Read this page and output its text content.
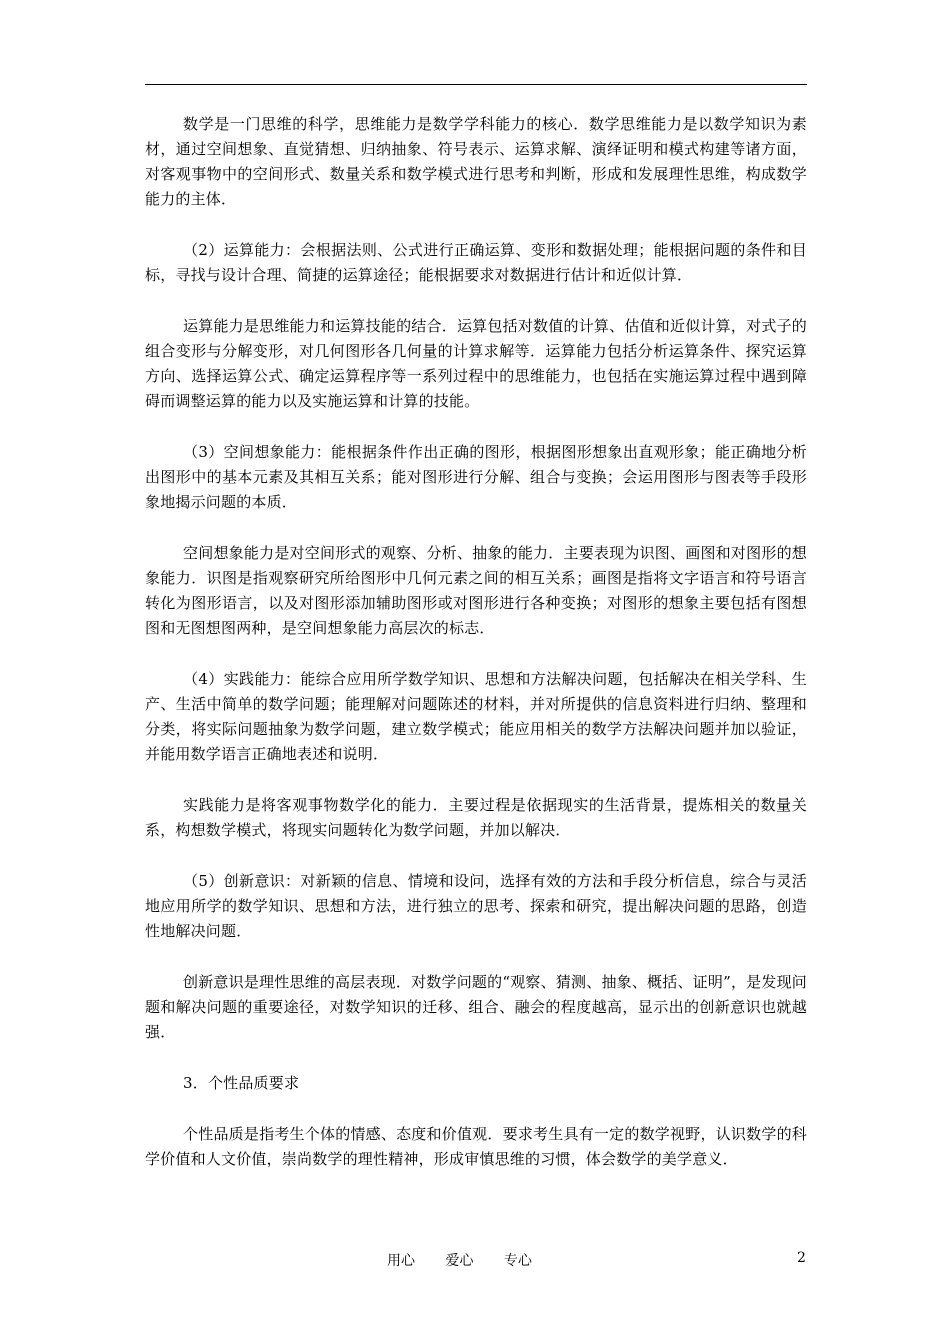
数学是一门思维的科学，思维能力是数学学科能力的核心．数学思维能力是以数学知识为素材，通过空间想象、直觉猜想、归纳抽象、符号表示、运算求解、演绎证明和模式构建等诸方面，对客观事物中的空间形式、数量关系和数学模式进行思考和判断，形成和发展理性思维，构成数学能力的主体．

（2）运算能力：会根据法则、公式进行正确运算、变形和数据处理；能根据问题的条件和目标，寻找与设计合理、简捷的运算途径；能根据要求对数据进行估计和近似计算．

运算能力是思维能力和运算技能的结合．运算包括对数值的计算、估值和近似计算，对式子的组合变形与分解变形，对几何图形各几何量的计算求解等．运算能力包括分析运算条件、探究运算方向、选择运算公式、确定运算程序等一系列过程中的思维能力，也包括在实施运算过程中遇到障碍而调整运算的能力以及实施运算和计算的技能。

（3）空间想象能力：能根据条件作出正确的图形，根据图形想象出直观形象；能正确地分析出图形中的基本元素及其相互关系；能对图形进行分解、组合与变换；会运用图形与图表等手段形象地揭示问题的本质．

空间想象能力是对空间形式的观察、分析、抽象的能力．主要表现为识图、画图和对图形的想象能力．识图是指观察研究所给图形中几何元素之间的相互关系；画图是指将文字语言和符号语言转化为图形语言，以及对图形添加辅助图形或对图形进行各种变换；对图形的想象主要包括有图想图和无图想图两种，是空间想象能力高层次的标志．

（4）实践能力：能综合应用所学数学知识、思想和方法解决问题，包括解决在相关学科、生产、生活中简单的数学问题；能理解对问题陈述的材料，并对所提供的信息资料进行归纳、整理和分类，将实际问题抽象为数学问题，建立数学模式；能应用相关的数学方法解决问题并加以验证，并能用数学语言正确地表述和说明．

实践能力是将客观事物数学化的能力．主要过程是依据现实的生活背景，提炼相关的数量关系，构想数学模式，将现实问题转化为数学问题，并加以解决．

（5）创新意识：对新颖的信息、情境和设问，选择有效的方法和手段分析信息，综合与灵活地应用所学的数学知识、思想和方法，进行独立的思考、探索和研究，提出解决问题的思路，创造性地解决问题．

创新意识是理性思维的高层表现．对数学问题的“观察、猜测、抽象、概括、证明”，是发现问题和解决问题的重要途径，对数学知识的迁移、组合、融会的程度越高，显示出的创新意识也就越强．

3．个性品质要求

个性品质是指考生个体的情感、态度和价值观．要求考生具有一定的数学视野，认识数学的科学价值和人文价值，崇尚数学的理性精神，形成审慎思维的习惯，体会数学的美学意义．

用心 爱心 专心	2
